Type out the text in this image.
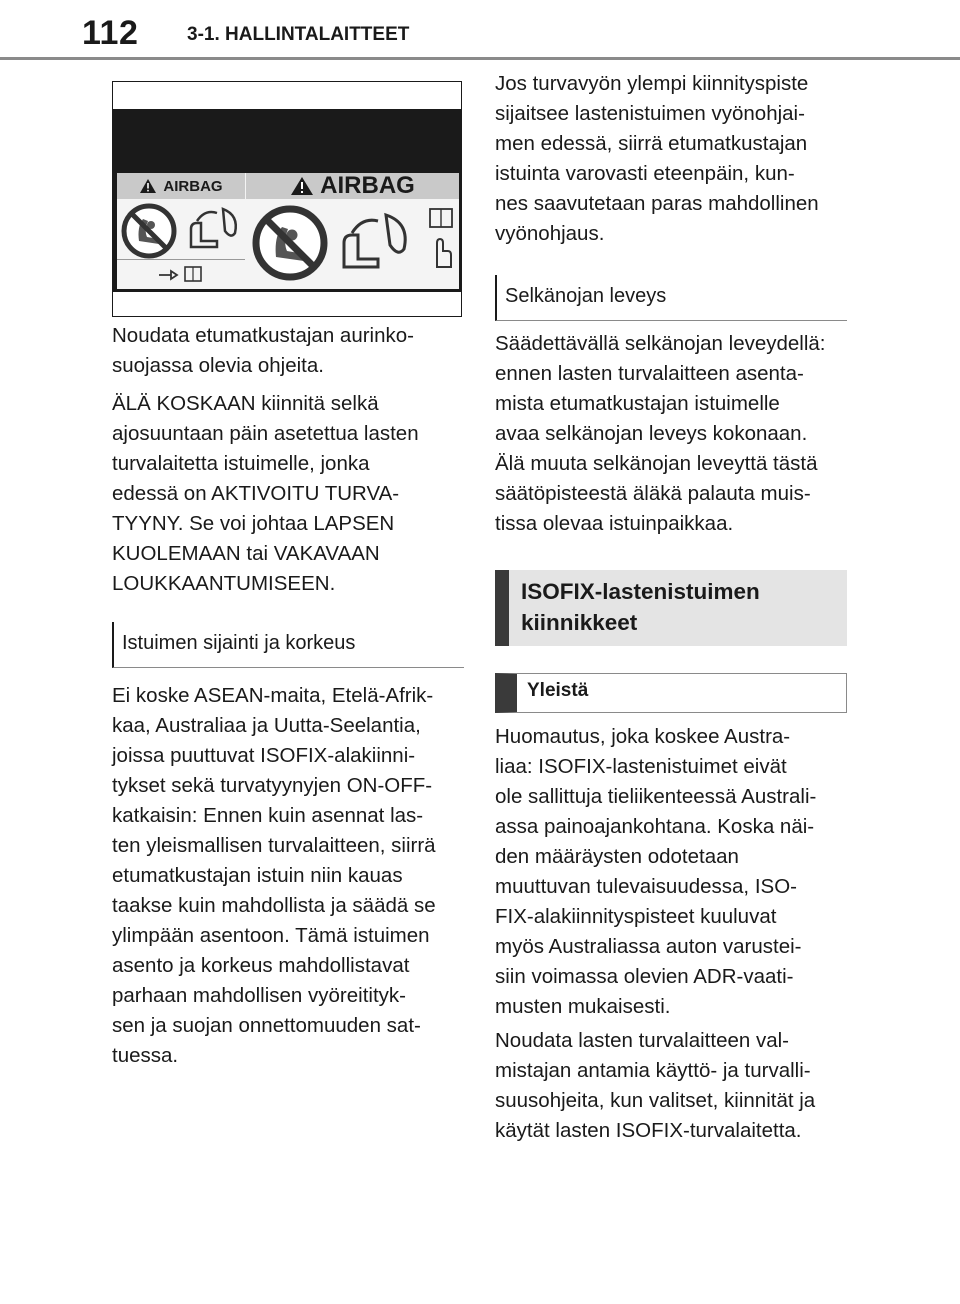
112	3-1. HALLINTALAITTEET
AIRBAG	AIRBAG
Noudata etumatkustajan aurinko-
suojassa olevia ohjeita.
ÄLÄ KOSKAAN kiinnitä selkä
ajosuuntaan päin asetettua lasten
turvalaitetta istuimelle, jonka
edessä on AKTIVOITU TURVA-
TYYNY. Se voi johtaa LAPSEN
KUOLEMAAN tai VAKAVAAN
LOUKKAANTUMISEEN.
Istuimen sijainti ja korkeus
Ei koske ASEAN-maita, Etelä-Afrik-
kaa, Australiaa ja Uutta-Seelantia,
joissa puuttuvat ISOFIX-alakiinni-
tykset sekä turvatyynyjen ON-OFF-
katkaisin: Ennen kuin asennat las-
ten yleismallisen turvalaitteen, siirrä
etumatkustajan istuin niin kauas
taakse kuin mahdollista ja säädä se
ylimpään asentoon. Tämä istuimen
asento ja korkeus mahdollistavat
parhaan mahdollisen vyöreitityk-
sen ja suojan onnettomuuden sat-
tuessa.
Jos turvavyön ylempi kiinnityspiste
sijaitsee lastenistuimen vyönohjai-
men edessä, siirrä etumatkustajan
istuinta varovasti eteenpäin, kun-
nes saavutetaan paras mahdollinen
vyönohjaus.
Selkänojan leveys
Säädettävällä selkänojan leveydellä:
ennen lasten turvalaitteen asenta-
mista etumatkustajan istuimelle
avaa selkänojan leveys kokonaan.
Älä muuta selkänojan leveyttä tästä
säätöpisteestä äläkä palauta muis-
tissa olevaa istuinpaikkaa.
ISOFIX-lastenistuimen
kiinnikkeet
Yleistä
Huomautus, joka koskee Austra-
liaa: ISOFIX-lastenistuimet eivät
ole sallittuja tieliikenteessä Australi-
assa painoajankohtana. Koska näi-
den määräysten odotetaan
muuttuvan tulevaisuudessa, ISO-
FIX-alakiinnityspisteet kuuluvat
myös Australiassa auton varustei-
siin voimassa olevien ADR-vaati-
musten mukaisesti.
Noudata lasten turvalaitteen val-
mistajan antamia käyttö- ja turvalli-
suusohjeita, kun valitset, kiinnität ja
käytät lasten ISOFIX-turvalaitetta.
